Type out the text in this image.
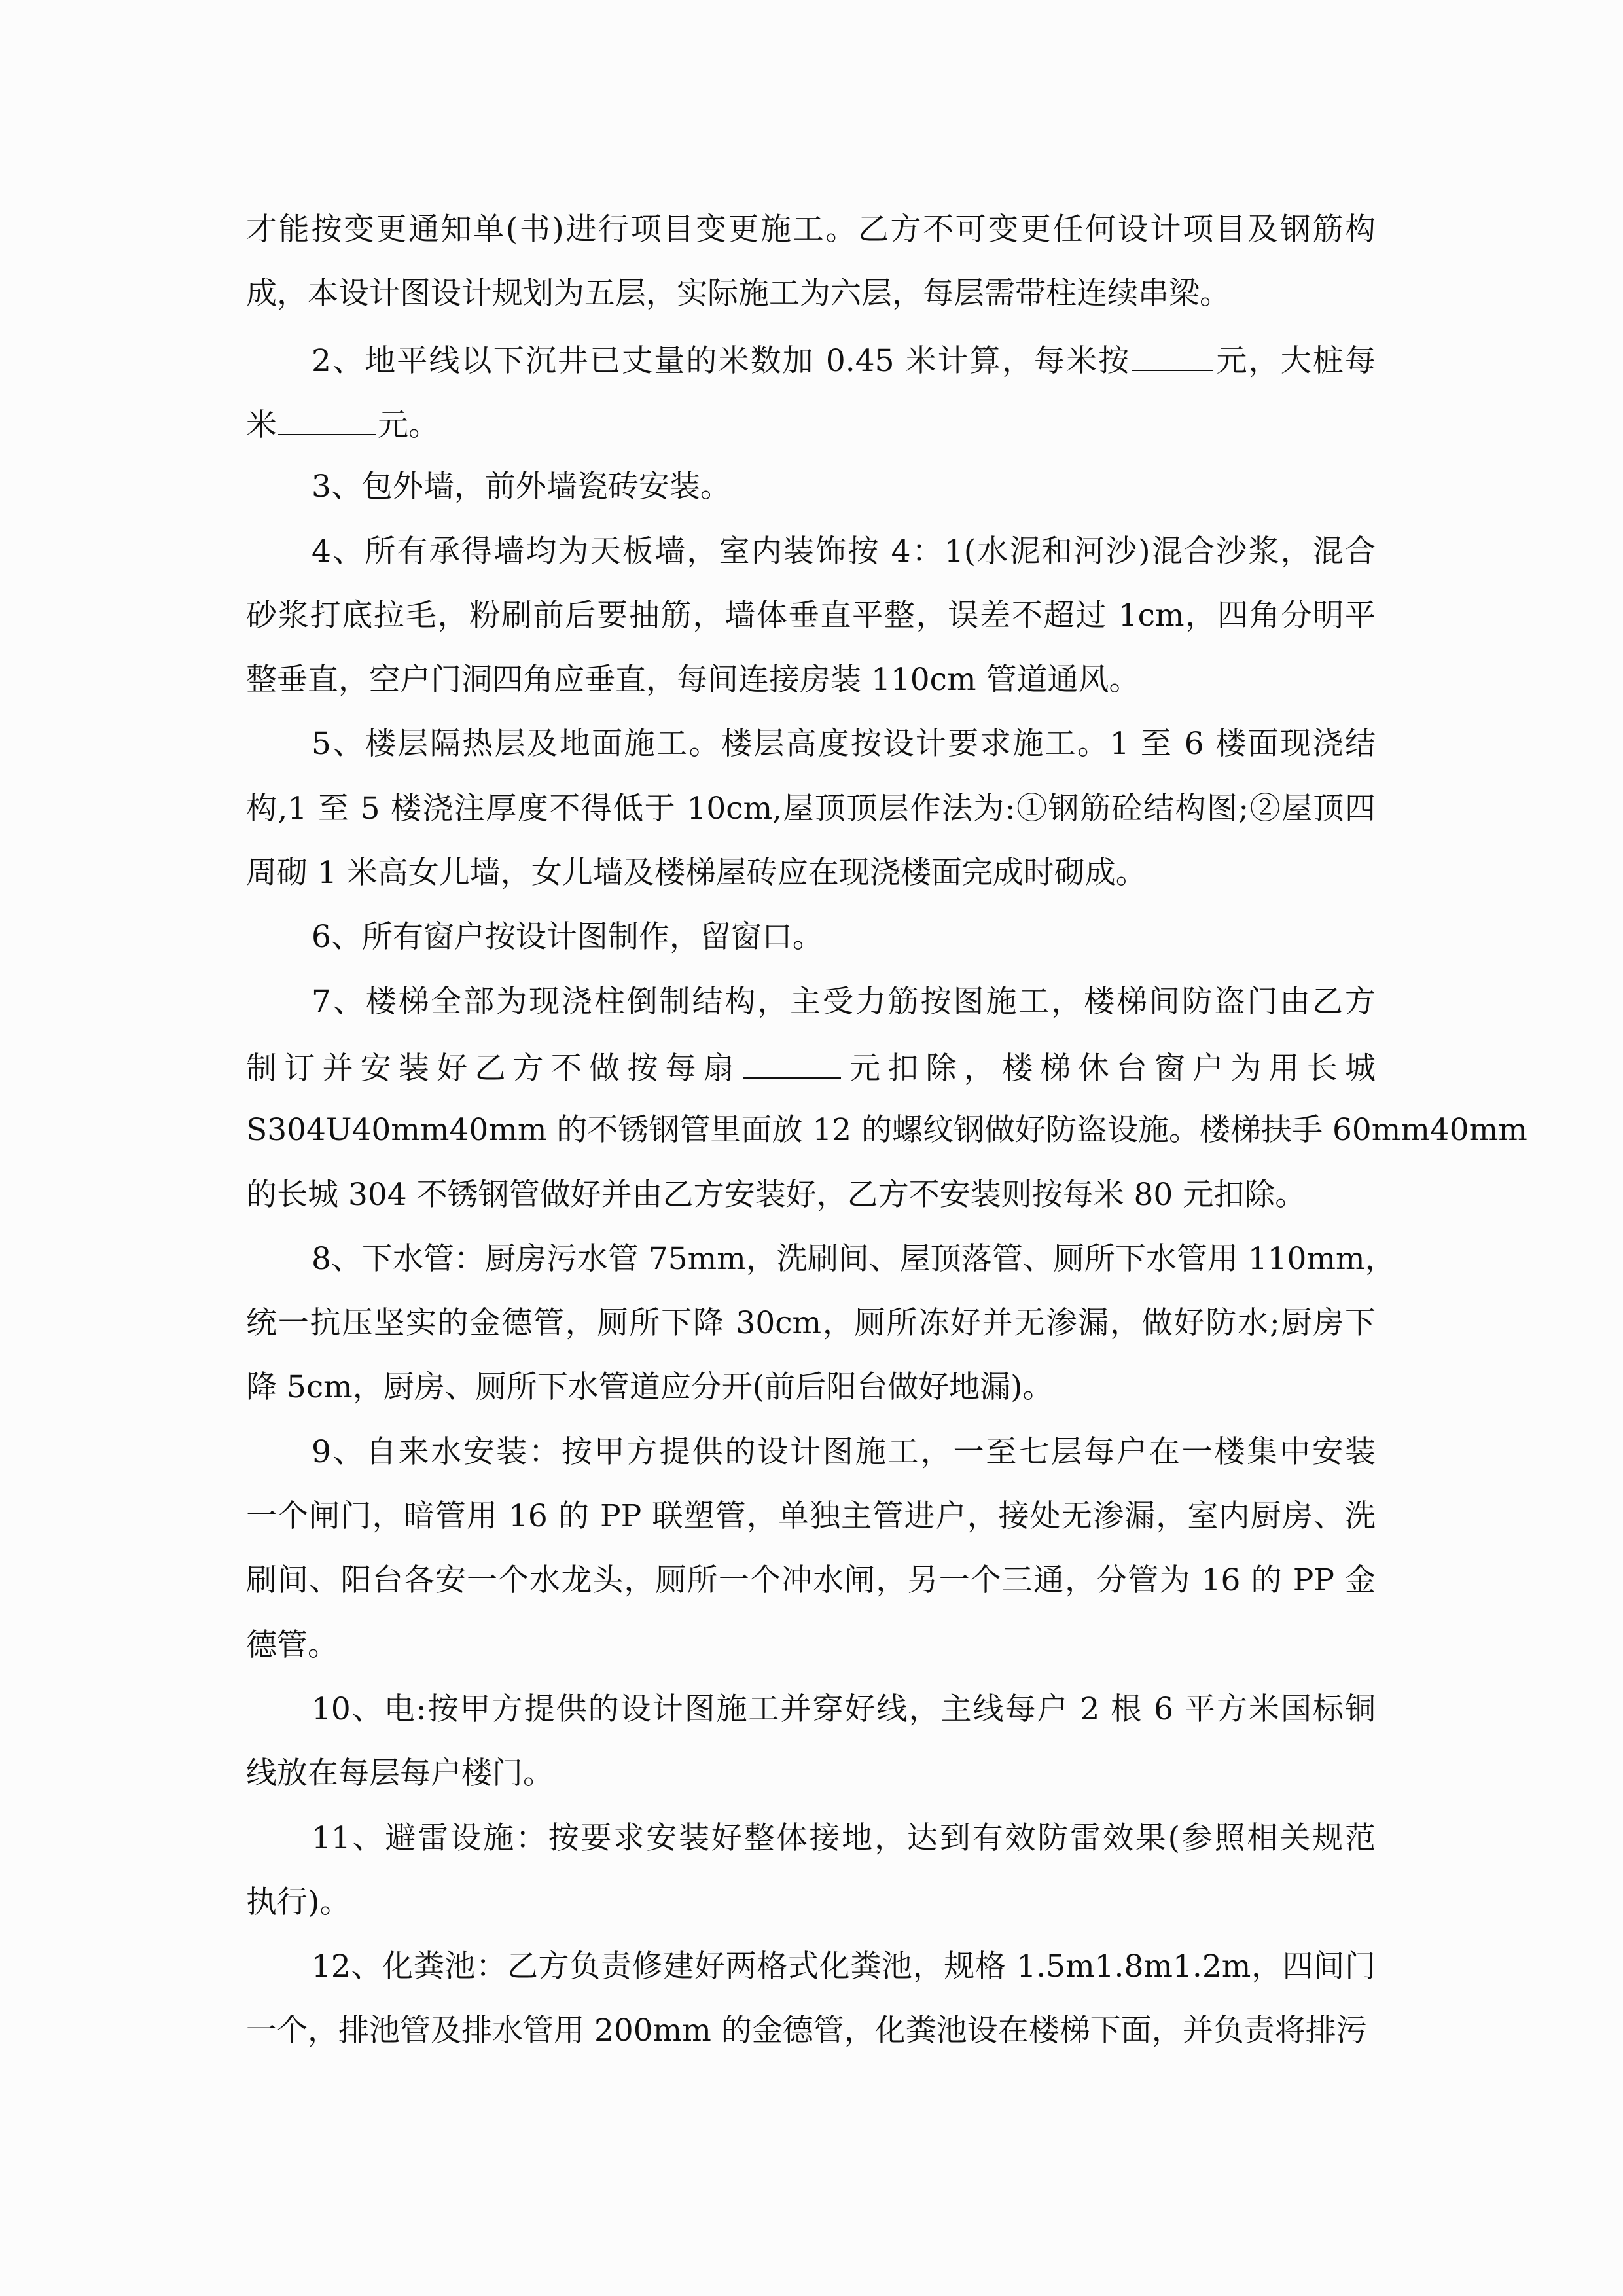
才能按变更通知单(书)进行项目变更施工。乙方不可变更任何设计项目及钢筋构
成，本设计图设计规划为五层，实际施工为六层，每层需带柱连续串梁。
2、地平线以下沉井已丈量的米数加 0.45 米计算，每米按	元，大桩每
米	元。
3、包外墙，前外墙瓷砖安装。
4、所有承得墙均为天板墙，室内装饰按 4：1(水泥和河沙)混合沙浆，混合
砂浆打底拉毛，粉刷前后要抽筋，墙体垂直平整，误差不超过 1cm，四角分明平
整垂直，空户门洞四角应垂直，每间连接房装 110cm 管道通风。
5、楼层隔热层及地面施工。楼层高度按设计要求施工。1 至 6 楼面现浇结
构,1 至 5 楼浇注厚度不得低于 10cm,屋顶顶层作法为:①钢筋砼结构图;②屋顶四
周砌 1 米高女儿墙，女儿墙及楼梯屋砖应在现浇楼面完成时砌成。
6、所有窗户按设计图制作，留窗口。
7、楼梯全部为现浇柱倒制结构，主受力筋按图施工，楼梯间防盗门由乙方
制订并安装好乙方不做按每扇	元扣除，楼梯休台窗户为用长城
S304U40mm40mm 的不锈钢管里面放 12 的螺纹钢做好防盗设施。楼梯扶手 60mm40mm
的长城 304 不锈钢管做好并由乙方安装好，乙方不安装则按每米 80 元扣除。
8、下水管：厨房污水管 75mm，洗刷间、屋顶落管、厕所下水管用 110mm，
统一抗压坚实的金德管，厕所下降 30cm，厕所冻好并无渗漏，做好防水;厨房下
降 5cm，厨房、厕所下水管道应分开(前后阳台做好地漏)。
9、自来水安装：按甲方提供的设计图施工，一至七层每户在一楼集中安装
一个闸门，暗管用 16 的 PP 联塑管，单独主管进户，接处无渗漏，室内厨房、洗
刷间、阳台各安一个水龙头，厕所一个冲水闸，另一个三通，分管为 16 的 PP 金
德管。
10、电:按甲方提供的设计图施工并穿好线，主线每户 2 根 6 平方米国标铜
线放在每层每户楼门。
11、避雷设施：按要求安装好整体接地，达到有效防雷效果(参照相关规范
执行)。
12、化粪池：乙方负责修建好两格式化粪池，规格 1.5m1.8m1.2m，四间门
一个，排池管及排水管用 200mm 的金德管，化粪池设在楼梯下面，并负责将排污
